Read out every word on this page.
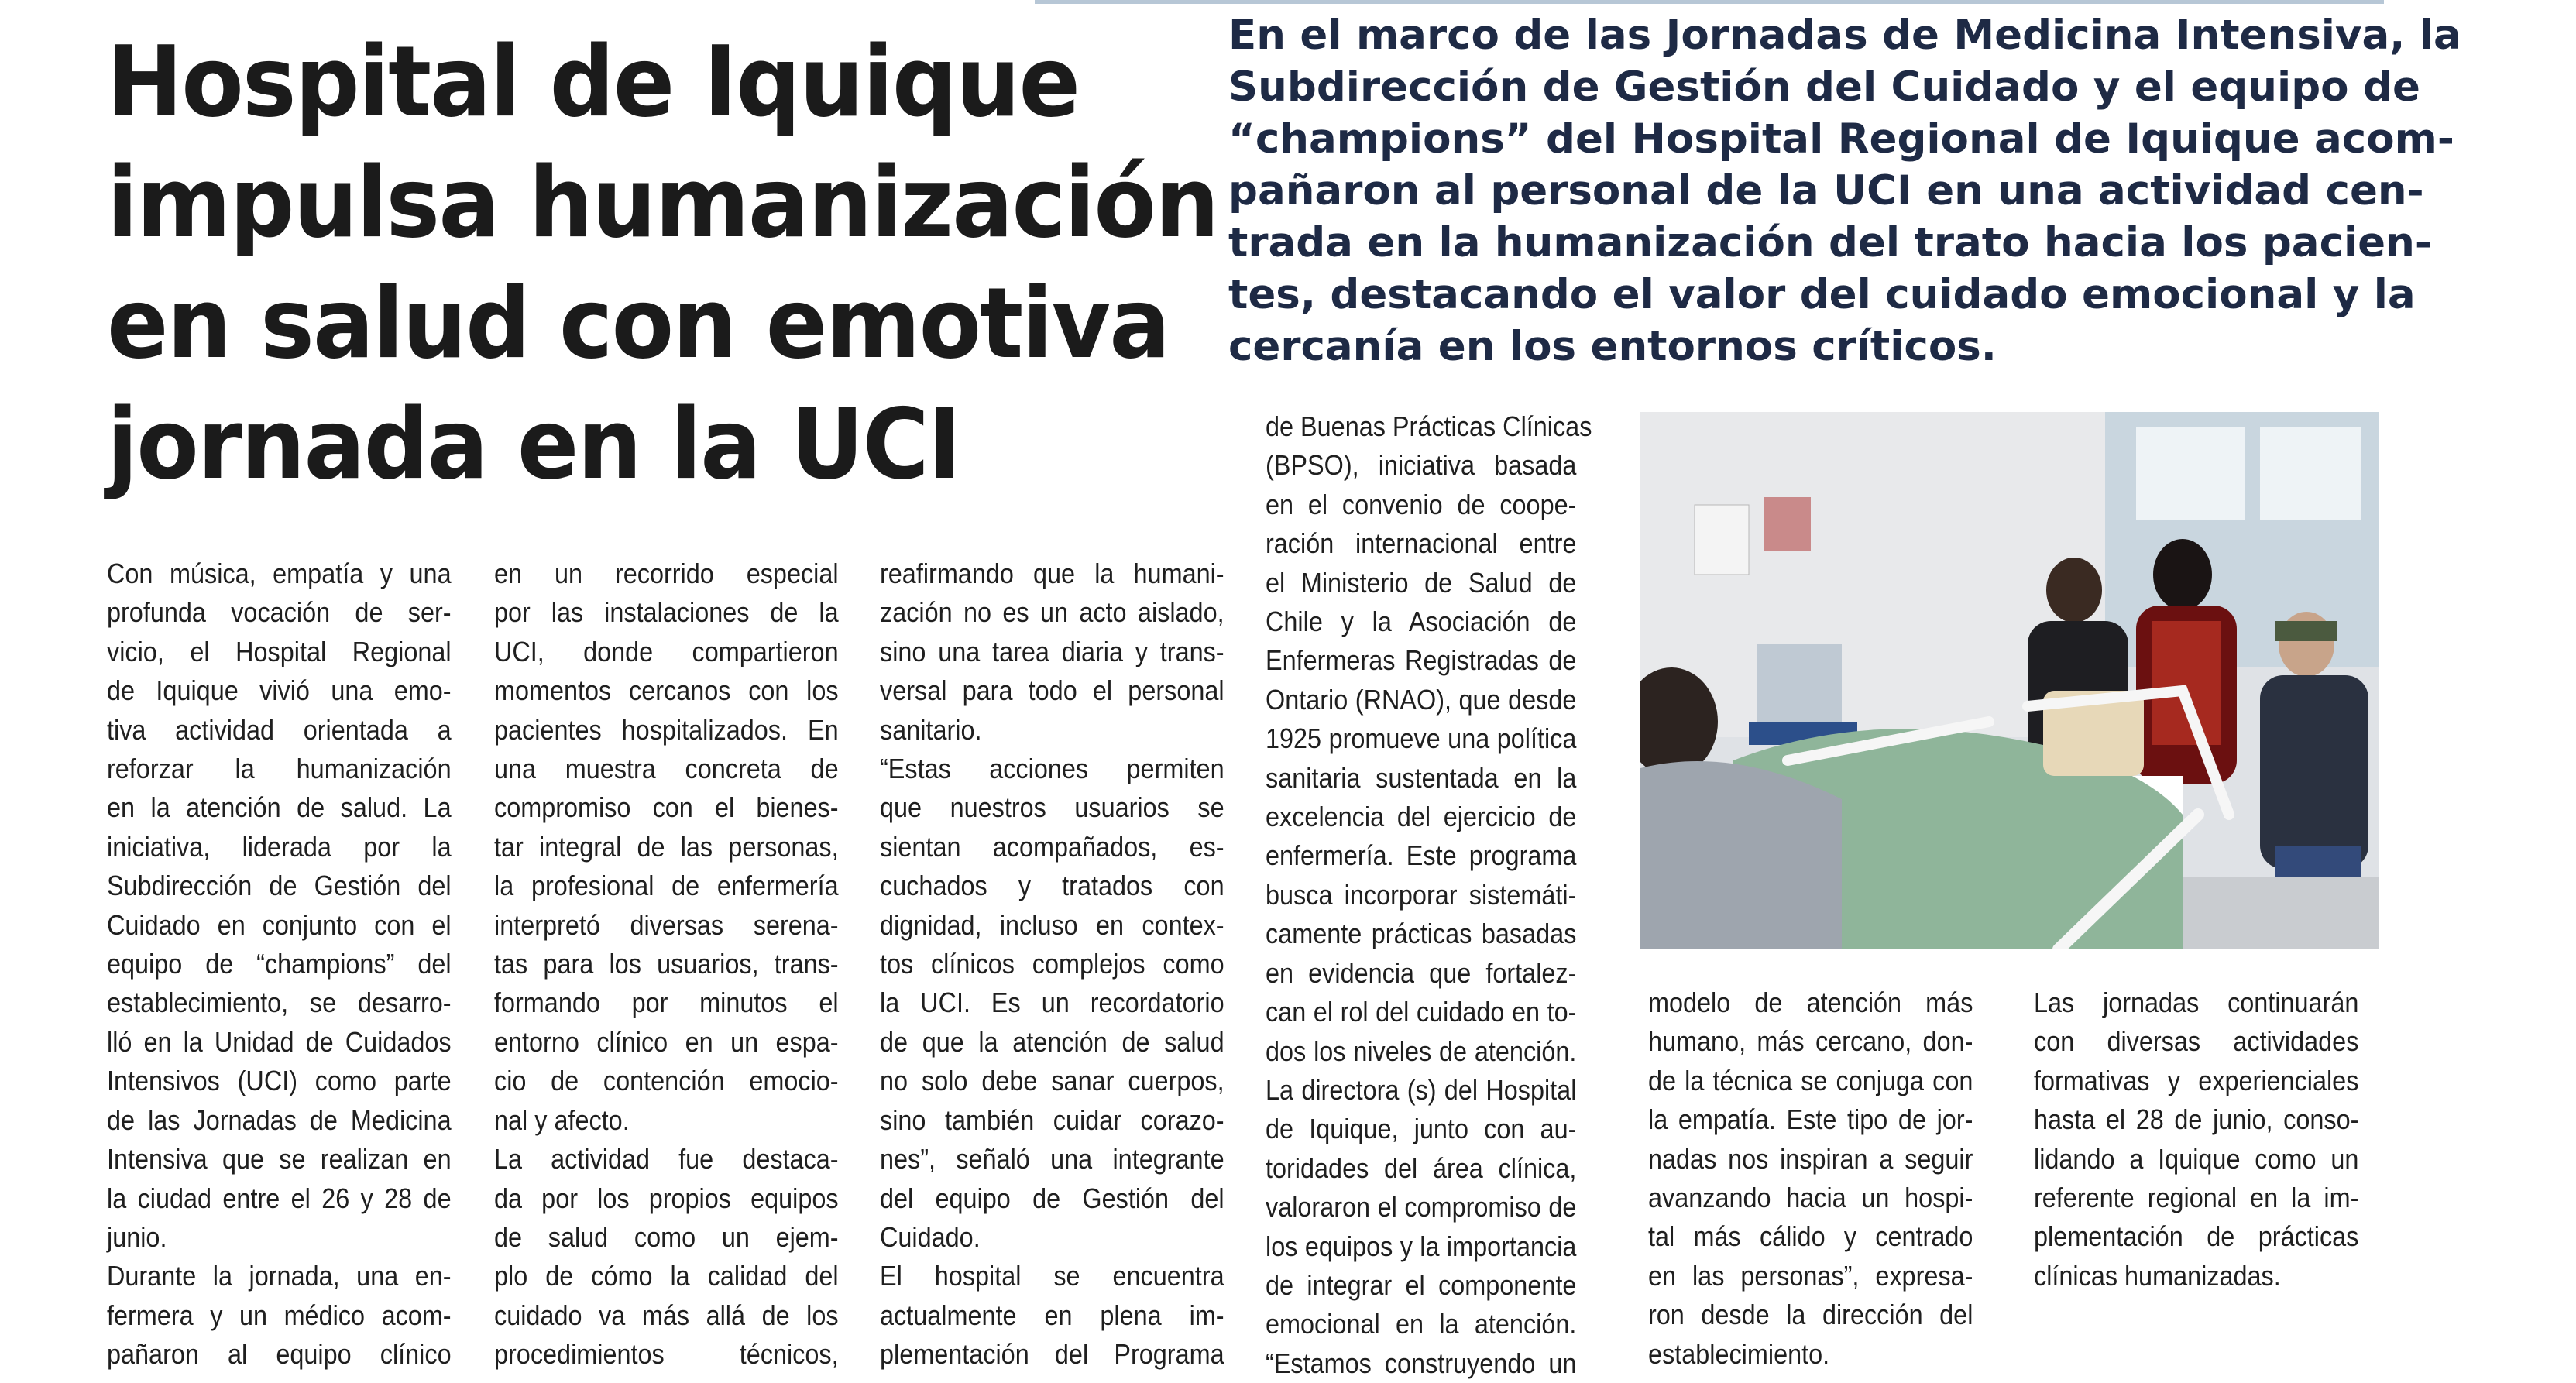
Hospital de Iquique
impulsa humanización
en salud con emotiva
jornada en la UCI
En el marco de las Jornadas de Medicina Intensiva, la
Subdirección de Gestión del Cuidado y el equipo de
“champions” del Hospital Regional de Iquique acom-
pañaron al personal de la UCI en una actividad cen-
trada en la humanización del trato hacia los pacien-
tes, destacando el valor del cuidado emocional y la
cercanía en los entornos críticos.
Con música, empatía y una
profunda vocación de ser-
vicio, el Hospital Regional
de Iquique vivió una emo-
tiva actividad orientada a
reforzar la humanización
en la atención de salud. La
iniciativa, liderada por la
Subdirección de Gestión del
Cuidado en conjunto con el
equipo de “champions” del
establecimiento, se desarro-
lló en la Unidad de Cuidados
Intensivos (UCI) como parte
de las Jornadas de Medicina
Intensiva que se realizan en
la ciudad entre el 26 y 28 de
junio.
Durante la jornada, una en-
fermera y un médico acom-
pañaron al equipo clínico
en un recorrido especial
por las instalaciones de la
UCI, donde compartieron
momentos cercanos con los
pacientes hospitalizados. En
una muestra concreta de
compromiso con el bienes-
tar integral de las personas,
la profesional de enfermería
interpretó diversas serena-
tas para los usuarios, trans-
formando por minutos el
entorno clínico en un espa-
cio de contención emocio-
nal y afecto.
La actividad fue destaca-
da por los propios equipos
de salud como un ejem-
plo de cómo la calidad del
cuidado va más allá de los
procedimientos técnicos,
reafirmando que la humani-
zación no es un acto aislado,
sino una tarea diaria y trans-
versal para todo el personal
sanitario.
“Estas acciones permiten
que nuestros usuarios se
sientan acompañados, es-
cuchados y tratados con
dignidad, incluso en contex-
tos clínicos complejos como
la UCI. Es un recordatorio
de que la atención de salud
no solo debe sanar cuerpos,
sino también cuidar corazo-
nes”, señaló una integrante
del equipo de Gestión del
Cuidado.
El hospital se encuentra
actualmente en plena im-
plementación del Programa
de Buenas Prácticas Clínicas
(BPSO), iniciativa basada
en el convenio de coope-
ración internacional entre
el Ministerio de Salud de
Chile y la Asociación de
Enfermeras Registradas de
Ontario (RNAO), que desde
1925 promueve una política
sanitaria sustentada en la
excelencia del ejercicio de
enfermería. Este programa
busca incorporar sistemáti-
camente prácticas basadas
en evidencia que fortalez-
can el rol del cuidado en to-
dos los niveles de atención.
La directora (s) del Hospital
de Iquique, junto con au-
toridades del área clínica,
valoraron el compromiso de
los equipos y la importancia
de integrar el componente
emocional en la atención.
“Estamos construyendo un
modelo de atención más
humano, más cercano, don-
de la técnica se conjuga con
la empatía. Este tipo de jor-
nadas nos inspiran a seguir
avanzando hacia un hospi-
tal más cálido y centrado
en las personas”, expresa-
ron desde la dirección del
establecimiento.
Las jornadas continuarán
con diversas actividades
formativas y experienciales
hasta el 28 de junio, conso-
lidando a Iquique como un
referente regional en la im-
plementación de prácticas
clínicas humanizadas.
